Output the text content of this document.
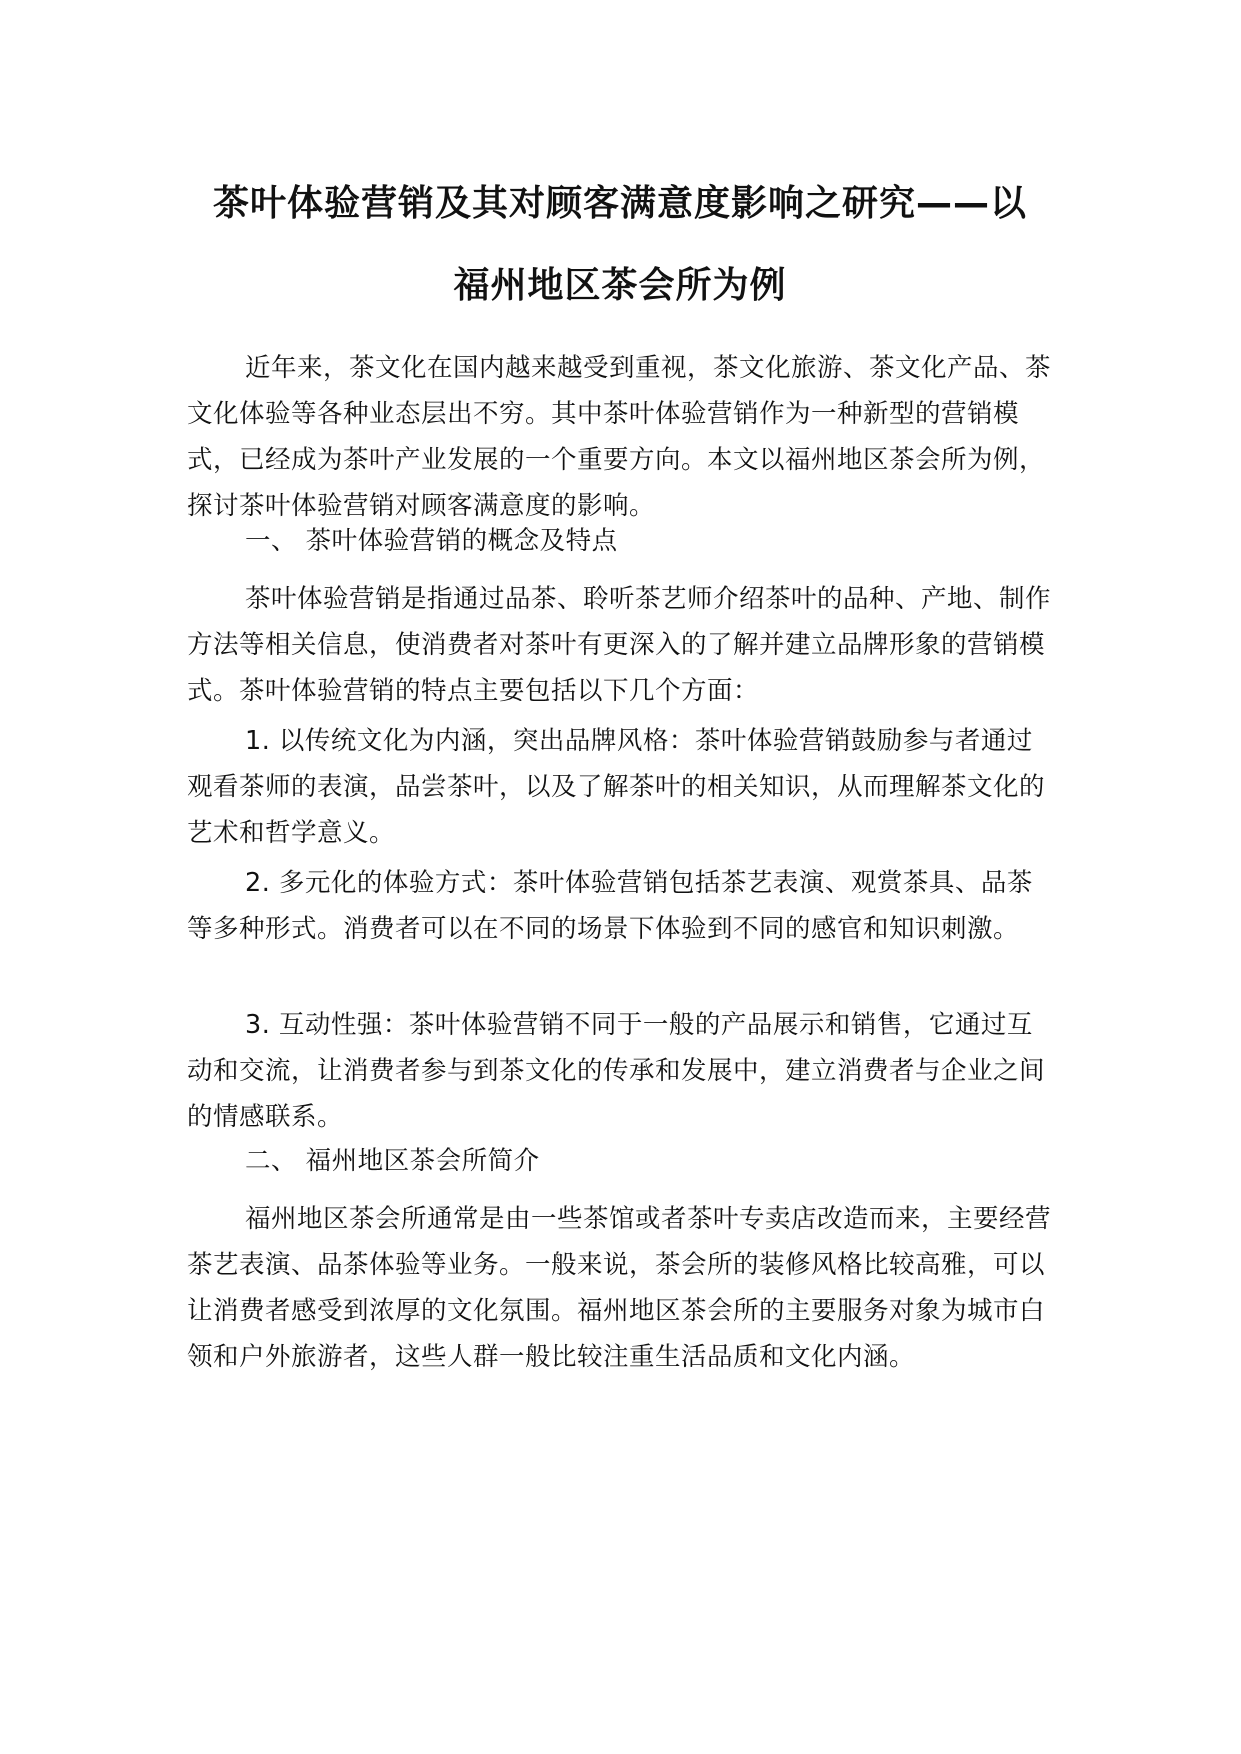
茶叶体验营销及其对顾客满意度影响之研究——以
福州地区茶会所为例

近年来，茶文化在国内越来越受到重视，茶文化旅游、茶文化产品、茶文化体验等各种业态层出不穷。其中茶叶体验营销作为一种新型的营销模式，已经成为茶叶产业发展的一个重要方向。本文以福州地区茶会所为例，探讨茶叶体验营销对顾客满意度的影响。

一、 茶叶体验营销的概念及特点

茶叶体验营销是指通过品茶、聆听茶艺师介绍茶叶的品种、产地、制作方法等相关信息，使消费者对茶叶有更深入的了解并建立品牌形象的营销模式。茶叶体验营销的特点主要包括以下几个方面：

1. 以传统文化为内涵，突出品牌风格：茶叶体验营销鼓励参与者通过观看茶师的表演，品尝茶叶，以及了解茶叶的相关知识，从而理解茶文化的艺术和哲学意义。

2. 多元化的体验方式：茶叶体验营销包括茶艺表演、观赏茶具、品茶等多种形式。消费者可以在不同的场景下体验到不同的感官和知识刺激。

3. 互动性强：茶叶体验营销不同于一般的产品展示和销售，它通过互动和交流，让消费者参与到茶文化的传承和发展中，建立消费者与企业之间的情感联系。

二、 福州地区茶会所简介

福州地区茶会所通常是由一些茶馆或者茶叶专卖店改造而来，主要经营茶艺表演、品茶体验等业务。一般来说，茶会所的装修风格比较高雅，可以让消费者感受到浓厚的文化氛围。福州地区茶会所的主要服务对象为城市白领和户外旅游者，这些人群一般比较注重生活品质和文化内涵。
